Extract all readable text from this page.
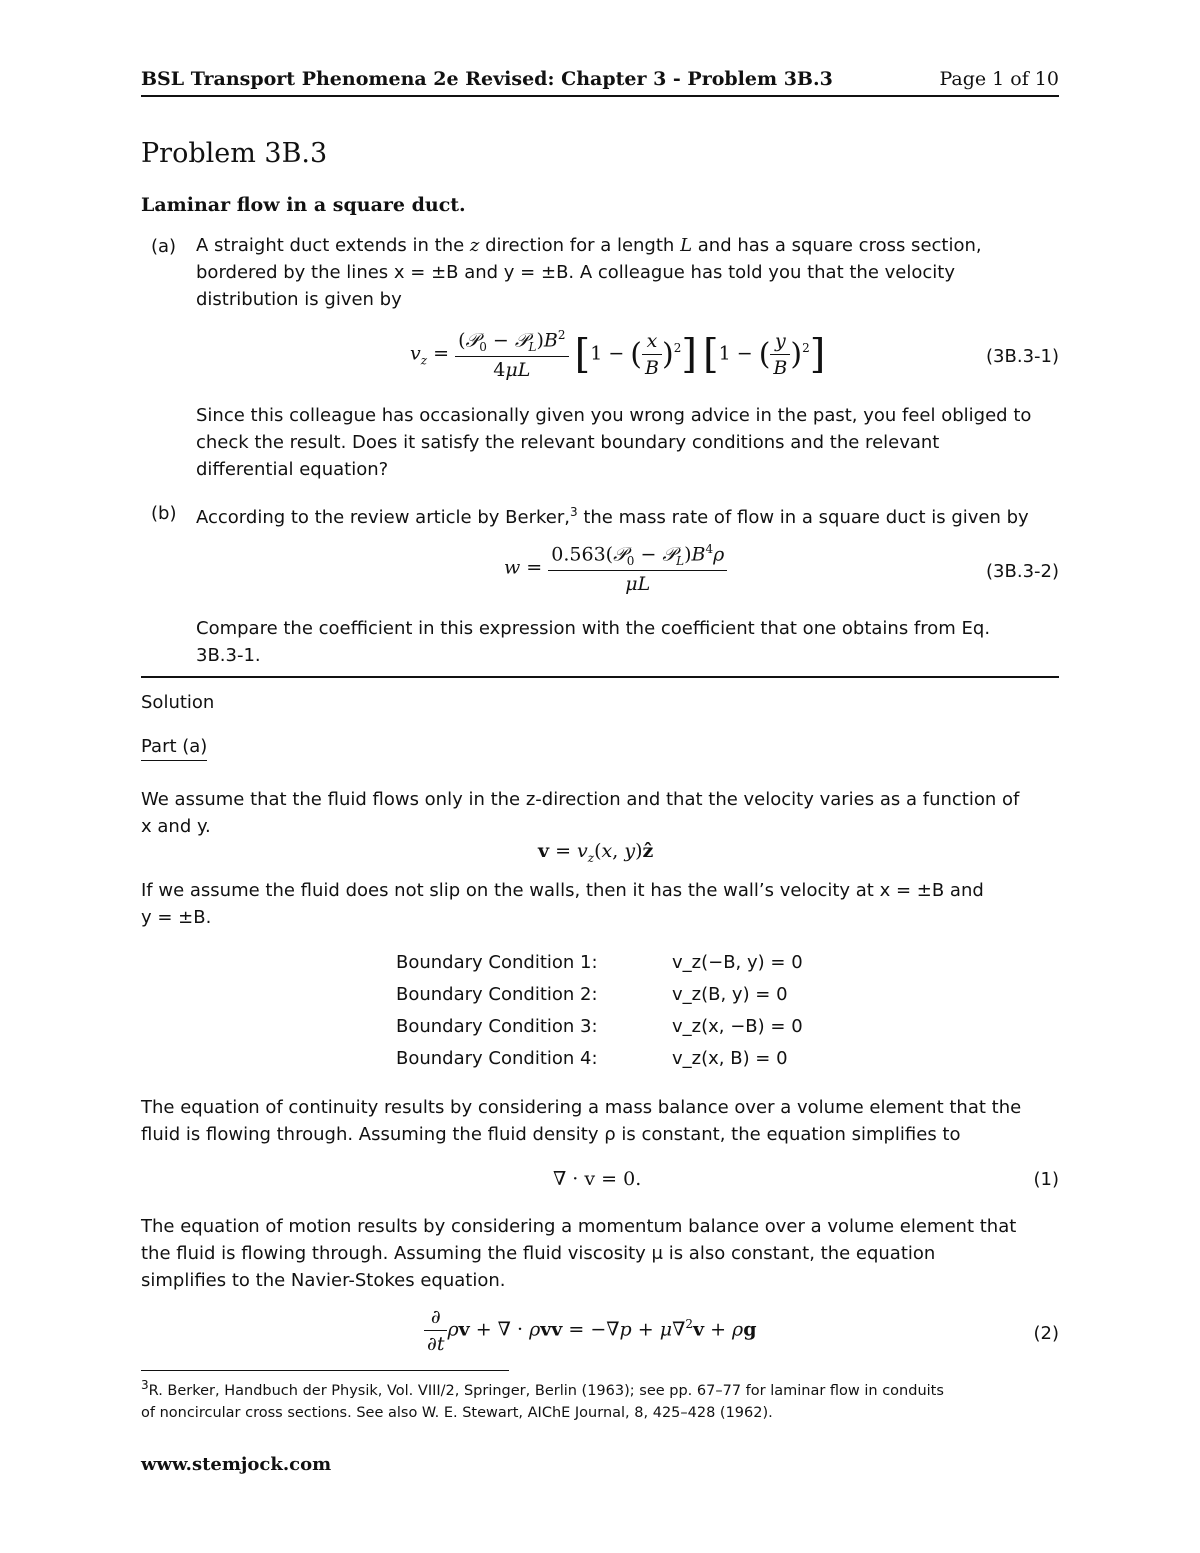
BSL Transport Phenomena 2e Revised: Chapter 3 - Problem 3B.3	Page 1 of 10
Problem 3B.3
Laminar flow in a square duct.
(a) A straight duct extends in the z direction for a length L and has a square cross section,
bordered by the lines x = ±B and y = ±B. A colleague has told you that the velocity
distribution is given by
$v_z = \frac{(𝒫_0 - 𝒫_L)B^2}{4\mu L} [1$ − ( $\frac{x}{B} )^2$] [1 − ( $\frac{y}{B} )^2$]	(3B.3-1)
Since this colleague has occasionally given you wrong advice in the past, you feel obliged to
check the result. Does it satisfy the relevant boundary conditions and the relevant
differential equation?
(b) According to the review article by Berker,$^3$ the mass rate of flow in a square duct is given by
$w = \frac{0.563(𝒫_0 - 𝒫_L)B^4\rho}{\mu L}$	(3B.3-2)
Compare the coefficient in this expression with the coefficient that one obtains from Eq.
3B.3-1.
Solution
Part (a)
We assume that the fluid flows only in the z-direction and that the velocity varies as a function of
x and y.
$v = v_z(x$, y)ẑ
If we assume the fluid does not slip on the walls, then it has the wall’s velocity at x = ±B and
y = ±B.
Boundary Condition 1:	v_z(−B, y) = 0
Boundary Condition 2:	v_z(B, y) = 0
Boundary Condition 3:	v_z(x, −B) = 0
Boundary Condition 4:	v_z(x, B) = 0
The equation of continuity results by considering a mass balance over a volume element that the
fluid is flowing through. Assuming the fluid density ρ is constant, the equation simplifies to
∇ · v = 0.	(1)
The equation of motion results by considering a momentum balance over a volume element that
the fluid is flowing through. Assuming the fluid viscosity μ is also constant, the equation
simplifies to the Navier-Stokes equation.
$\frac{\partial}{\partial t}$ ρv + ∇ · ρvv = −∇p + μ∇$^2$v + ρg	(2)
$^3$R. Berker, Handbuch der Physik, Vol. VIII/2, Springer, Berlin (1963); see pp. 67–77 for laminar flow in conduits
of noncircular cross sections. See also W. E. Stewart, AIChE Journal, 8, 425–428 (1962).
www.stemjock.com
